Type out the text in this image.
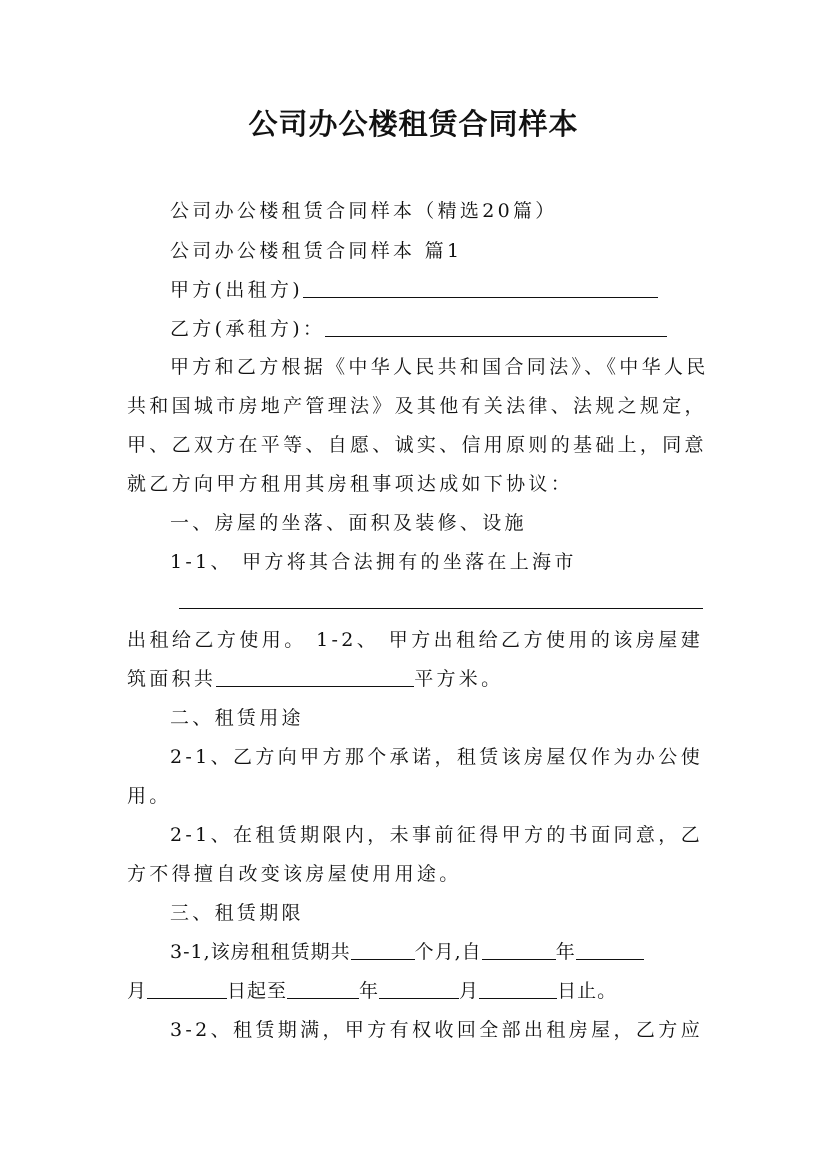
公司办公楼租赁合同样本
公司办公楼租赁合同样本（精选20篇）
公司办公楼租赁合同样本 篇1
甲方(出租方)
乙方(承租方)：
甲方和乙方根据《中华人民共和国合同法》、《中华人民
共和国城市房地产管理法》及其他有关法律、法规之规定，
甲、乙双方在平等、自愿、诚实、信用原则的基础上，同意
就乙方向甲方租用其房租事项达成如下协议：
一、房屋的坐落、面积及装修、设施
1-1、 甲方将其合法拥有的坐落在上海市
出租给乙方使用。 1-2、 甲方出租给乙方使用的该房屋建
筑面积共	平方米。
二、租赁用途
2-1、乙方向甲方那个承诺，租赁该房屋仅作为办公使
用。
2-1、在租赁期限内，未事前征得甲方的书面同意，乙
方不得擅自改变该房屋使用用途。
三、租赁期限
3-1,该房租租赁期共	个月,自	年
月	日起至	年	月	日止。
3-2、租赁期满，甲方有权收回全部出租房屋，乙方应
